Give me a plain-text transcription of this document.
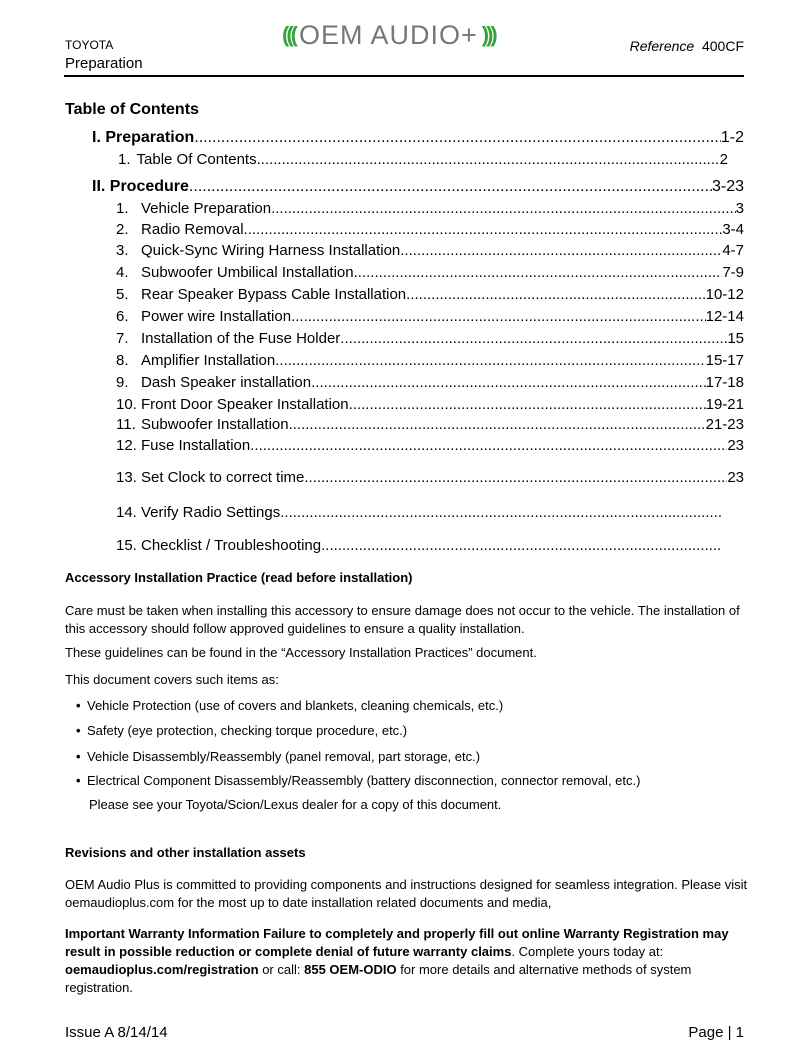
TOYOTA
Preparation
((( OEM AUDIO+ )))	Reference 400CF
Table of Contents
I. Preparation .....	1-2
1. Table Of Contents .....	2
II. Procedure .....	3-23
1. Vehicle Preparation .....	3
2. Radio Removal .....	3-4
3. Quick-Sync Wiring Harness Installation .....	4-7
4. Subwoofer Umbilical Installation .....	7-9
5. Rear Speaker Bypass Cable Installation .....	10-12
6. Power wire Installation .....	12-14
7. Installation of the Fuse Holder .....	15
8. Amplifier Installation .....	15-17
9. Dash Speaker installation .....	17-18
10. Front Door Speaker Installation .....	19-21
11. Subwoofer Installation .....	21-23
12. Fuse Installation .....	23
13. Set Clock to correct time .....	23
14. Verify Radio Settings
.....
15. Checklist / Troubleshooting
.....
Accessory Installation Practice (read before installation)
Care must be taken when installing this accessory to ensure damage does not occur to the vehicle. The installation of this accessory should follow approved guidelines to ensure a quality installation.
These guidelines can be found in the “Accessory Installation Practices” document.
This document covers such items as:
• Vehicle Protection (use of covers and blankets, cleaning chemicals, etc.)
• Safety (eye protection, checking torque procedure, etc.)
• Vehicle Disassembly/Reassembly (panel removal, part storage, etc.)
• Electrical Component Disassembly/Reassembly (battery disconnection, connector removal, etc.)
Please see your Toyota/Scion/Lexus dealer for a copy of this document.
Revisions and other installation assets
OEM Audio Plus is committed to providing components and instructions designed for seamless integration. Please visit oemaudioplus.com for the most up to date installation related documents and media,
Important Warranty Information Failure to completely and properly fill out online Warranty Registration may result in possible reduction or complete denial of future warranty claims. Complete yours today at: oemaudioplus.com/registration or call: 855 OEM-ODIO for more details and alternative methods of system registration.
Issue A 8/14/14	Page | 1
